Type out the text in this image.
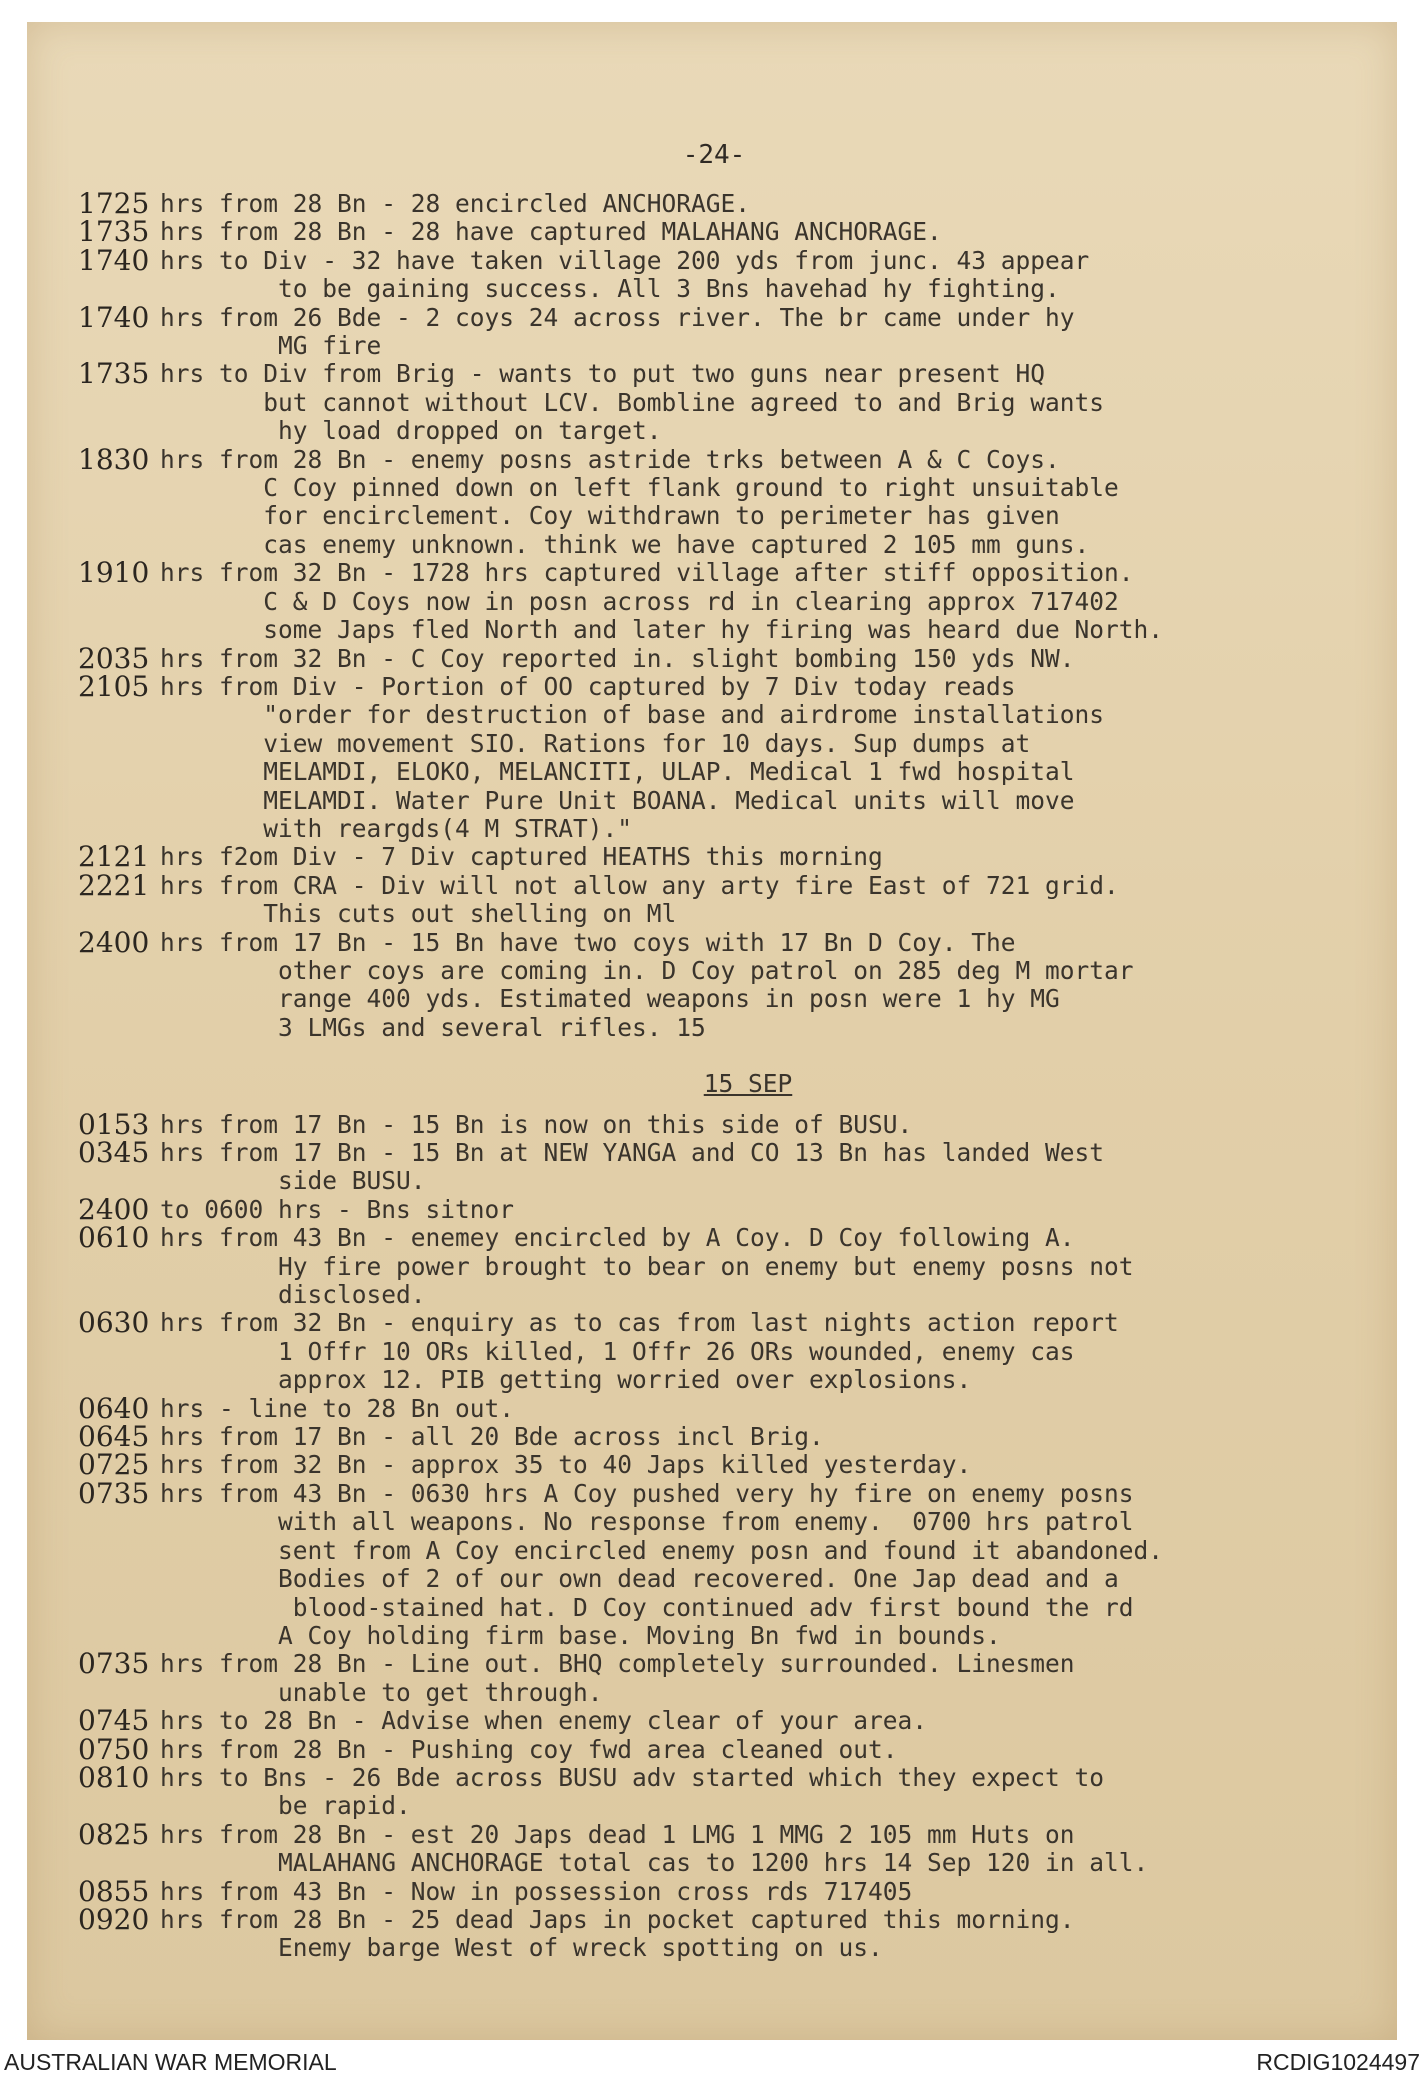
-24-
1725 hrs from 28 Bn - 28 encircled ANCHORAGE.
1735 hrs from 28 Bn - 28 have captured MALAHANG ANCHORAGE.
1740 hrs to Div - 32 have taken village 200 yds from junc. 43 appear
to be gaining success. All 3 Bns havehad hy fighting.
1740 hrs from 26 Bde - 2 coys 24 across river. The br came under hy
MG fire
1735 hrs to Div from Brig - wants to put two guns near present HQ
but cannot without LCV. Bombline agreed to and Brig wants
hy load dropped on target.
1830 hrs from 28 Bn - enemy posns astride trks between A & C Coys.
C Coy pinned down on left flank ground to right unsuitable
for encirclement. Coy withdrawn to perimeter has given
cas enemy unknown. think we have captured 2 105 mm guns.
1910 hrs from 32 Bn - 1728 hrs captured village after stiff opposition.
C & D Coys now in posn across rd in clearing approx 717402
some Japs fled North and later hy firing was heard due North.
2035 hrs from 32 Bn - C Coy reported in. slight bombing 150 yds NW.
2105 hrs from Div - Portion of OO captured by 7 Div today reads
"order for destruction of base and airdrome installations
view movement SIO. Rations for 10 days. Sup dumps at
MELAMDI, ELOKO, MELANCITI, ULAP. Medical 1 fwd hospital
MELAMDI. Water Pure Unit BOANA. Medical units will move
with reargds(4 M STRAT)."
2121 hrs f2om Div - 7 Div captured HEATHS this morning
2221 hrs from CRA - Div will not allow any arty fire East of 721 grid.
This cuts out shelling on Ml
2400 hrs from 17 Bn - 15 Bn have two coys with 17 Bn D Coy. The
other coys are coming in. D Coy patrol on 285 deg M mortar
range 400 yds. Estimated weapons in posn were 1 hy MG
3 LMGs and several rifles. 15
15 SEP
0153 hrs from 17 Bn - 15 Bn is now on this side of BUSU.
0345 hrs from 17 Bn - 15 Bn at NEW YANGA and CO 13 Bn has landed West
side BUSU.
2400 to 0600 hrs - Bns sitnor
0610 hrs from 43 Bn - enemey encircled by A Coy. D Coy following A.
Hy fire power brought to bear on enemy but enemy posns not
disclosed.
0630 hrs from 32 Bn - enquiry as to cas from last nights action report
1 Offr 10 ORs killed, 1 Offr 26 ORs wounded, enemy cas
approx 12. PIB getting worried over explosions.
0640 hrs - line to 28 Bn out.
0645 hrs from 17 Bn - all 20 Bde across incl Brig.
0725 hrs from 32 Bn - approx 35 to 40 Japs killed yesterday.
0735 hrs from 43 Bn - 0630 hrs A Coy pushed very hy fire on enemy posns
with all weapons. No response from enemy.  0700 hrs patrol
sent from A Coy encircled enemy posn and found it abandoned.
Bodies of 2 of our own dead recovered. One Jap dead and a
blood-stained hat. D Coy continued adv first bound the rd
A Coy holding firm base. Moving Bn fwd in bounds.
0735 hrs from 28 Bn - Line out. BHQ completely surrounded. Linesmen
unable to get through.
0745 hrs to 28 Bn - Advise when enemy clear of your area.
0750 hrs from 28 Bn - Pushing coy fwd area cleaned out.
0810 hrs to Bns - 26 Bde across BUSU adv started which they expect to
be rapid.
0825 hrs from 28 Bn - est 20 Japs dead 1 LMG 1 MMG 2 105 mm Huts on
MALAHANG ANCHORAGE total cas to 1200 hrs 14 Sep 120 in all.
0855 hrs from 43 Bn - Now in possession cross rds 717405
0920 hrs from 28 Bn - 25 dead Japs in pocket captured this morning.
Enemy barge West of wreck spotting on us.
AUSTRALIAN WAR MEMORIAL	RCDIG1024497
